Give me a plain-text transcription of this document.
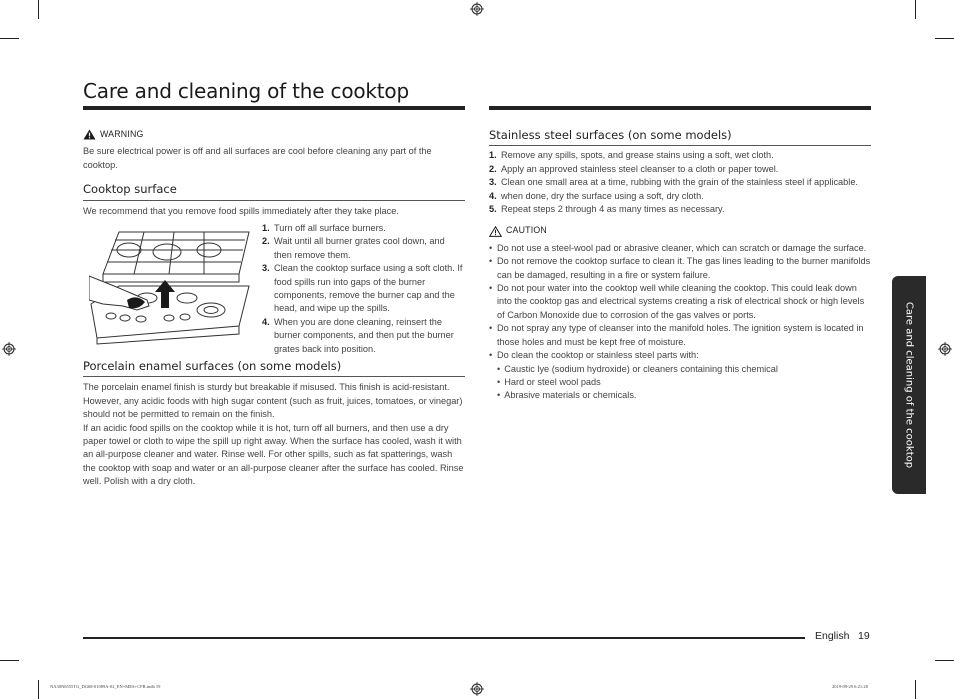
Care and cleaning of the cooktop
WARNING
Be sure electrical power is off and all surfaces are cool before cleaning any part of the cooktop.
Cooktop surface
We recommend that you remove food spills immediately after they take place.
1. Turn off all surface burners.
2. Wait until all burner grates cool down, and then remove them.
3. Clean the cooktop surface using a soft cloth. If food spills run into gaps of the burner components, remove the burner cap and the head, and wipe up the spills.
4. When you are done cleaning, reinsert the burner components, and then put the burner grates back into position.
Porcelain enamel surfaces (on some models)
The porcelain enamel finish is sturdy but breakable if misused. This finish is acid-resistant. However, any acidic foods with high sugar content (such as fruit, juices, tomatoes, or vinegar) should not be permitted to remain on the finish.
If an acidic food spills on the cooktop while it is hot, turn off all burners, and then use a dry paper towel or cloth to wipe the spill up right away. When the surface has cooled, wash it with an all-purpose cleaner and water. Rinse well. For other spills, such as fat spatterings, wash the cooktop with soap and water or an all-purpose cleaner after the surface has cooled. Rinse well. Polish with a dry cloth.
Stainless steel surfaces (on some models)
1. Remove any spills, spots, and grease stains using a soft, wet cloth.
2. Apply an approved stainless steel cleanser to a cloth or paper towel.
3. Clean one small area at a time, rubbing with the grain of the stainless steel if applicable.
4. when done, dry the surface using a soft, dry cloth.
5. Repeat steps 2 through 4 as many times as necessary.
CAUTION
• Do not use a steel-wool pad or abrasive cleaner, which can scratch or damage the surface.
• Do not remove the cooktop surface to clean it. The gas lines leading to the burner manifolds can be damaged, resulting in a fire or system failure.
• Do not pour water into the cooktop well while cleaning the cooktop. This could leak down into the cooktop gas and electrical systems creating a risk of electrical shock or high levels of Carbon Monoxide due to corrosion of the gas valves or ports.
• Do not spray any type of cleanser into the manifold holes. The ignition system is located in those holes and must be kept free of moisture.
• Do clean the cooktop or stainless steel parts with:
• Caustic lye (sodium hydroxide) or cleaners containing this chemical
• Hard or steel wool pads
• Abrasive materials or chemicals.	Care and cleaning of the cooktop
English 19
NA30N6555TG_DG68-01089A-02_EN+MES+CFR.indb 19	2019-09-29 6:21:28
